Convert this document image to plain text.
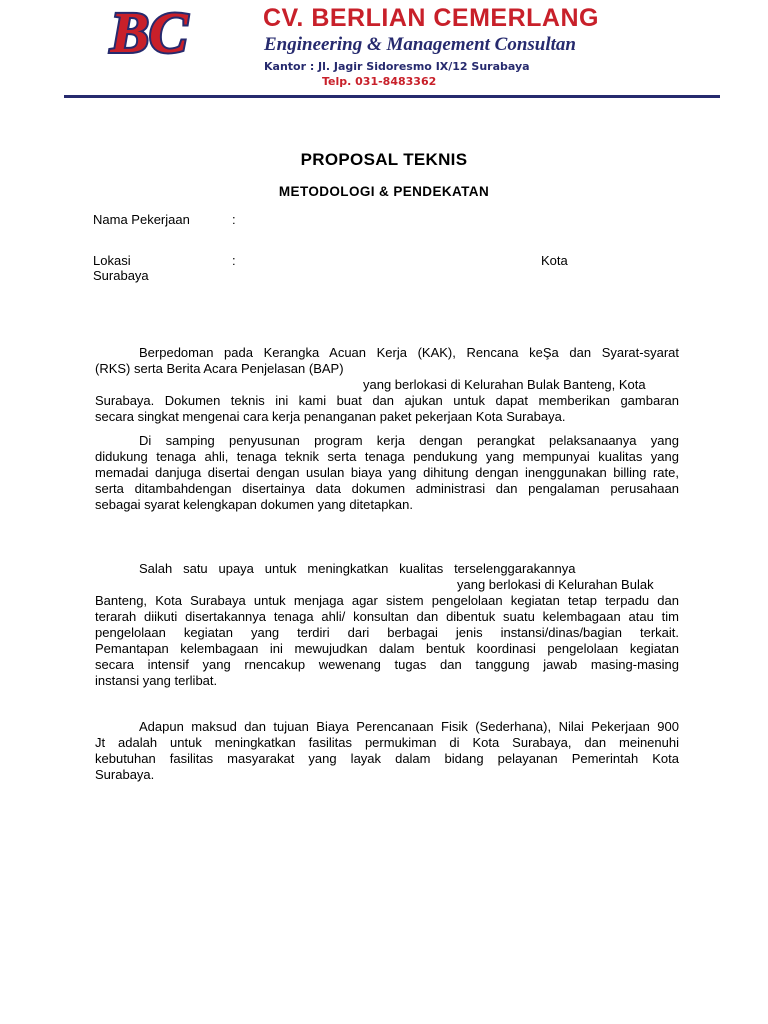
BC	CV. BERLIAN CEMERLANG
Engineering & Management Consultan
Kantor : Jl. Jagir Sidoresmo IX/12 Surabaya
Telp. 031-8483362
PROPOSAL TEKNIS
METODOLOGI & PENDEKATAN
Nama Pekerjaan	:
Lokasi	:	Kota
Surabaya
Berpedoman pada Kerangka Acuan Kerja (KAK), Rencana keŞa dan Syarat-syarat
(RKS) serta Berita Acara Penjelasan (BAP)
yang berlokasi di Kelurahan Bulak Banteng, Kota
Surabaya. Dokumen teknis ini kami buat dan ajukan untuk dapat memberikan gambaran
secara singkat mengenai cara kerja penanganan paket pekerjaan Kota Surabaya.
Di samping penyusunan program kerja dengan perangkat pelaksanaanya yang
didukung tenaga ahli, tenaga teknik serta tenaga pendukung yang mempunyai kualitas yang
memadai danjuga disertai dengan usulan biaya yang dihitung dengan inenggunakan billing rate,
serta ditambahdengan disertainya data dokumen administrasi dan pengalaman perusahaan
sebagai syarat kelengkapan dokumen yang ditetapkan.
Salah   satu   upaya   untuk   meningkatkan   kualitas   terselenggarakannya
yang berlokasi di Kelurahan Bulak
Banteng, Kota Surabaya untuk menjaga agar sistem pengelolaan kegiatan tetap terpadu dan
terarah diikuti disertakannya tenaga ahli/ konsultan dan dibentuk suatu kelembagaan atau tim
pengelolaan kegiatan yang terdiri dari berbagai jenis instansi/dinas/bagian terkait.
Pemantapan kelembagaan ini mewujudkan dalam bentuk koordinasi pengelolaan kegiatan
secara intensif yang rnencakup wewenang tugas dan tanggung jawab masing-masing
instansi yang terlibat.
Adapun maksud dan tujuan Biaya Perencanaan Fisik (Sederhana), Nilai Pekerjaan 900
Jt adalah untuk meningkatkan fasilitas permukiman di Kota Surabaya, dan meinenuhi
kebutuhan fasilitas masyarakat yang layak dalam bidang pelayanan Pemerintah Kota
Surabaya.
